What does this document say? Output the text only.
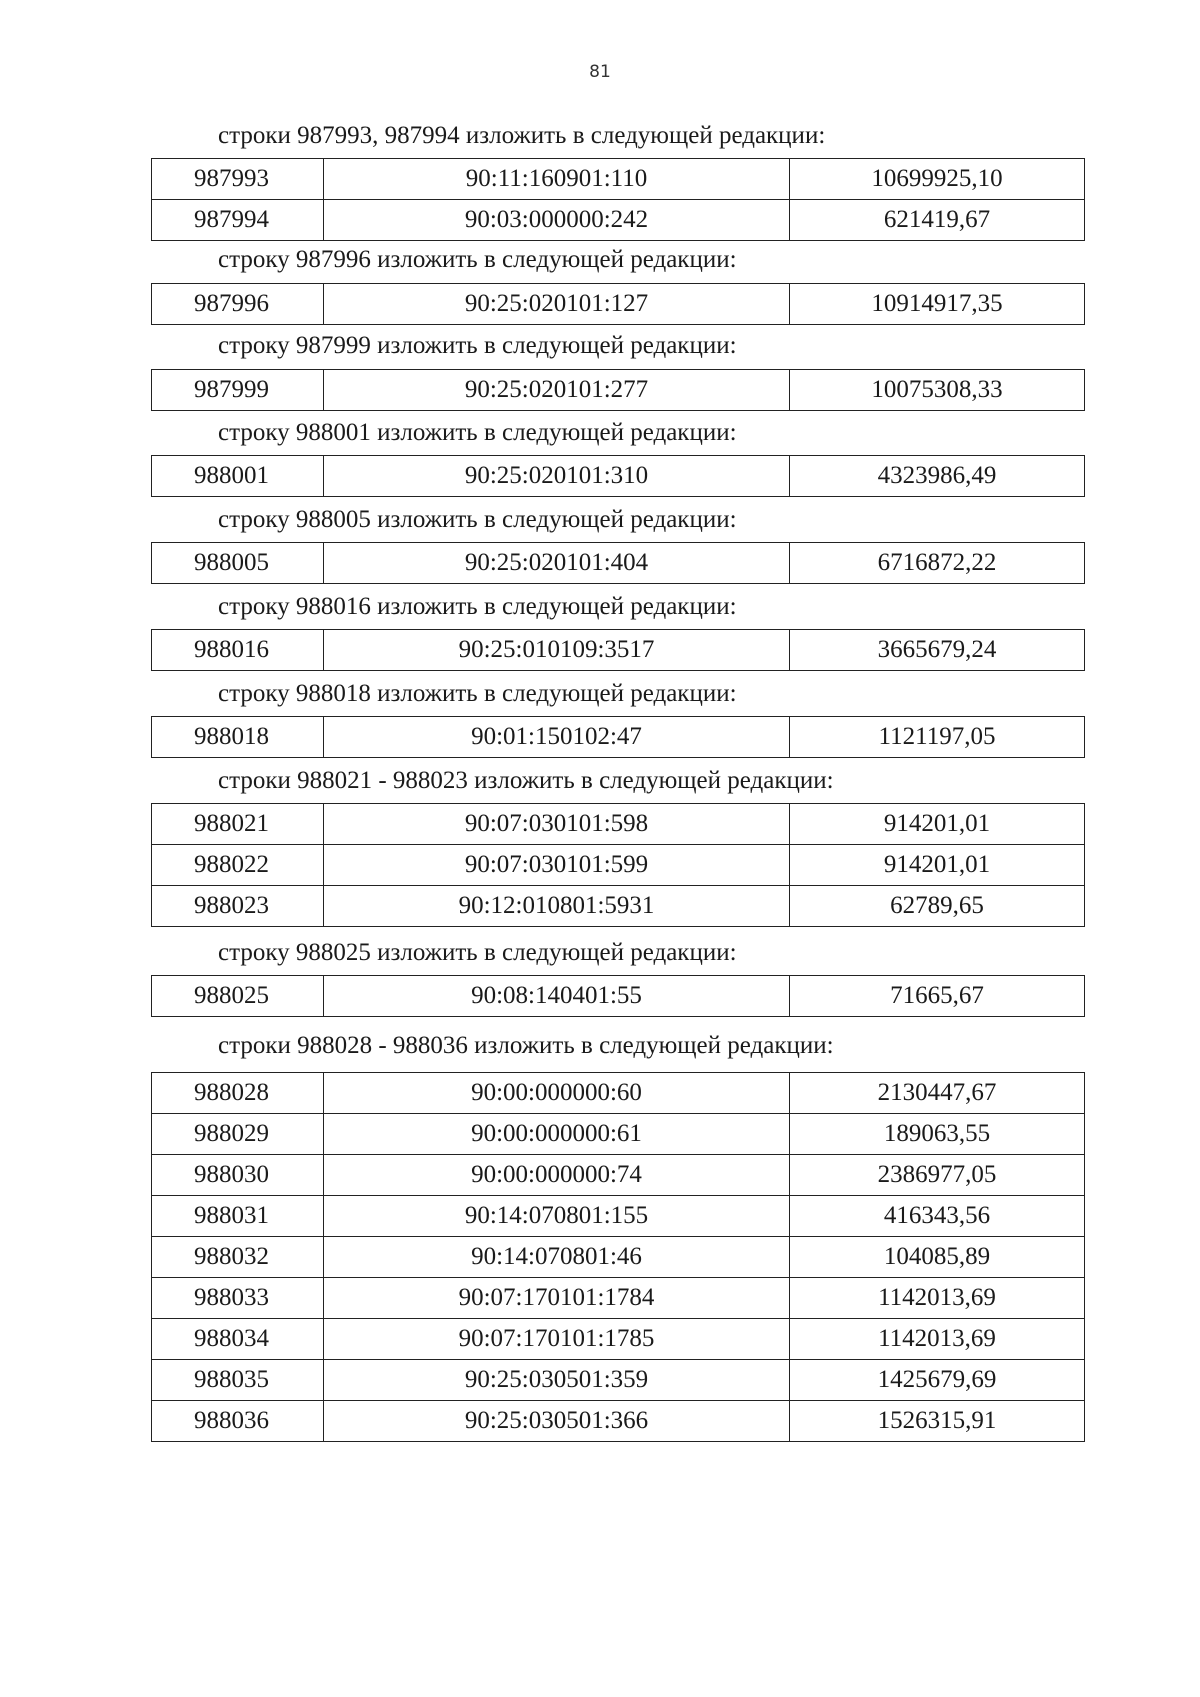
81
строки 987993, 987994 изложить в следующей редакции:
987993	90:11:160901:110	10699925,10
987994	90:03:000000:242	621419,67
строку 987996 изложить в следующей редакции:
987996	90:25:020101:127	10914917,35
строку 987999 изложить в следующей редакции:
987999	90:25:020101:277	10075308,33
строку 988001 изложить в следующей редакции:
988001	90:25:020101:310	4323986,49
строку 988005 изложить в следующей редакции:
988005	90:25:020101:404	6716872,22
строку 988016 изложить в следующей редакции:
988016	90:25:010109:3517	3665679,24
строку 988018 изложить в следующей редакции:
988018	90:01:150102:47	1121197,05
строки 988021 - 988023 изложить в следующей редакции:
988021	90:07:030101:598	914201,01
988022	90:07:030101:599	914201,01
988023	90:12:010801:5931	62789,65
строку 988025 изложить в следующей редакции:
988025	90:08:140401:55	71665,67
строки 988028 - 988036 изложить в следующей редакции:
988028	90:00:000000:60	2130447,67
988029	90:00:000000:61	189063,55
988030	90:00:000000:74	2386977,05
988031	90:14:070801:155	416343,56
988032	90:14:070801:46	104085,89
988033	90:07:170101:1784	1142013,69
988034	90:07:170101:1785	1142013,69
988035	90:25:030501:359	1425679,69
988036	90:25:030501:366	1526315,91
